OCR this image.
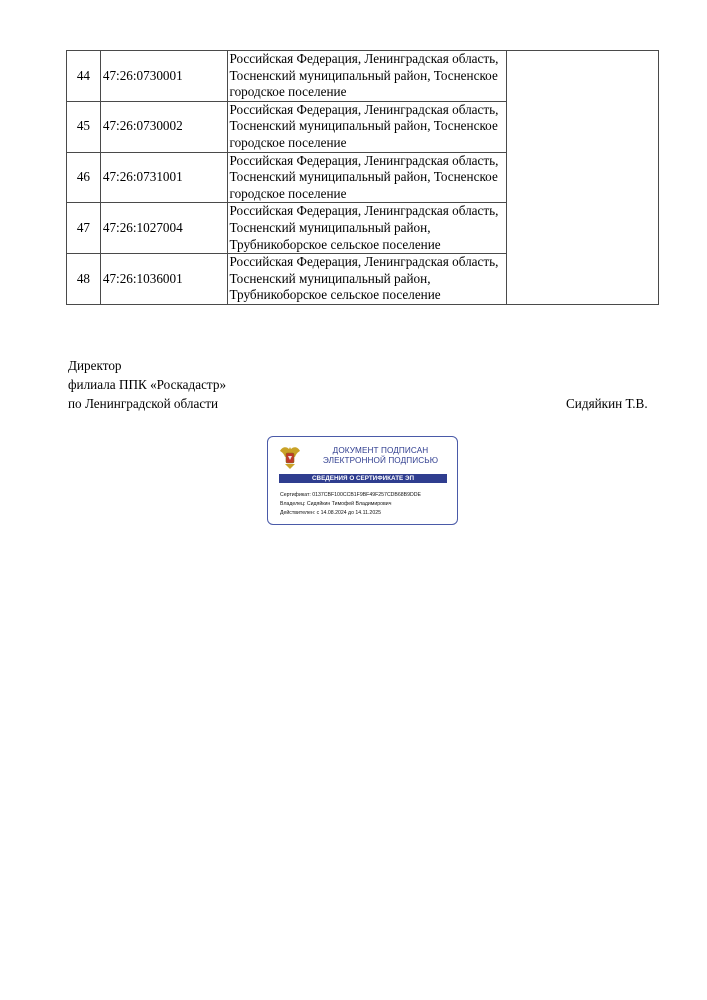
44	47:26:0730001	Российская Федерация, Ленинградская область, Тосненский муниципальный район, Тосненское городское поселение	
45	47:26:0730002	Российская Федерация, Ленинградская область, Тосненский муниципальный район, Тосненское городское поселение	
46	47:26:0731001	Российская Федерация, Ленинградская область, Тосненский муниципальный район, Тосненское городское поселение	
47	47:26:1027004	Российская Федерация, Ленинградская область, Тосненский муниципальный район, Трубникоборское сельское поселение	
48	47:26:1036001	Российская Федерация, Ленинградская область, Тосненский муниципальный район, Трубникоборское сельское поселение	
Директор
филиала ППК «Роскадастр»
по Ленинградской области	Сидяйкин Т.В.
ДОКУМЕНТ ПОДПИСАН
ЭЛЕКТРОННОЙ ПОДПИСЬЮ
СВЕДЕНИЯ О СЕРТИФИКАТЕ ЭП
Сертификат: 0137CBF100CCB1F9BF49F257CDB68B9DDE
Владелец: Сидяйкин Тимофей Владимирович
Действителен: с 14.08.2024 до 14.11.2025
